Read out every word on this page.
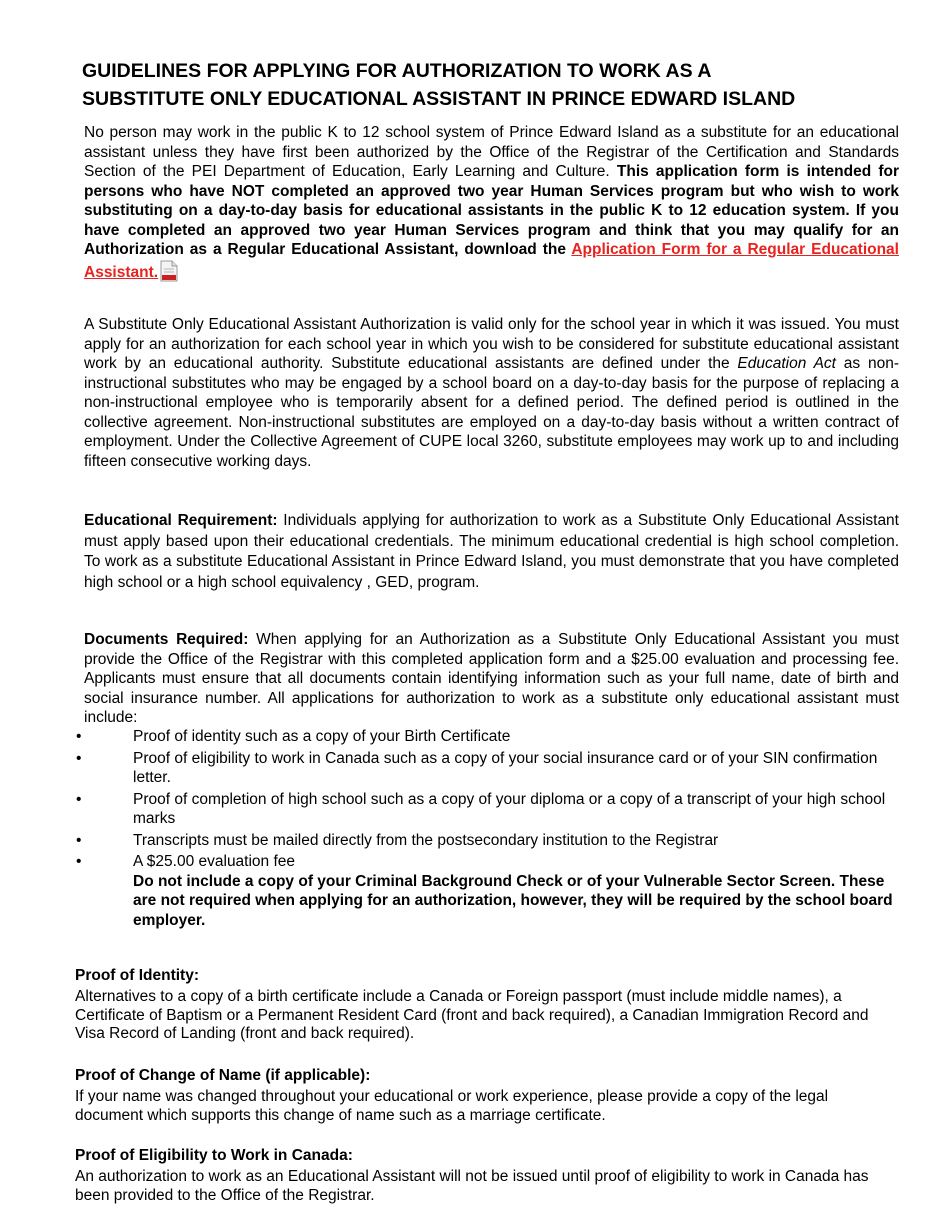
GUIDELINES FOR APPLYING FOR AUTHORIZATION TO WORK AS A
SUBSTITUTE ONLY EDUCATIONAL ASSISTANT IN PRINCE EDWARD ISLAND

No person may work in the public K to 12 school system of Prince Edward Island as a substitute for an educational assistant unless they have first been authorized by the Office of the Registrar of the Certification and Standards Section of the PEI Department of Education, Early Learning and Culture. This application form is intended for persons who have NOT completed an approved two year Human Services program but who wish to work substituting on a day-to-day basis for educational assistants in the public K to 12 education system. If you have completed an approved two year Human Services program and think that you may qualify for an Authorization as a Regular Educational Assistant, download the Application Form for a Regular Educational Assistant.

A Substitute Only Educational Assistant Authorization is valid only for the school year in which it was issued. You must apply for an authorization for each school year in which you wish to be considered for substitute educational assistant work by an educational authority. Substitute educational assistants are defined under the Education Act as non-instructional substitutes who may be engaged by a school board on a day-to-day basis for the purpose of replacing a non-instructional employee who is temporarily absent for a defined period. The defined period is outlined in the collective agreement. Non-instructional substitutes are employed on a day-to-day basis without a written contract of employment. Under the Collective Agreement of CUPE local 3260, substitute employees may work up to and including fifteen consecutive working days.

Educational Requirement: Individuals applying for authorization to work as a Substitute Only Educational Assistant must apply based upon their educational credentials. The minimum educational credential is high school completion. To work as a substitute Educational Assistant in Prince Edward Island, you must demonstrate that you have completed high school or a high school equivalency , GED, program.

Documents Required: When applying for an Authorization as a Substitute Only Educational Assistant you must provide the Office of the Registrar with this completed application form and a $25.00 evaluation and processing fee. Applicants must ensure that all documents contain identifying information such as your full name, date of birth and social insurance number. All applications for authorization to work as a substitute only educational assistant must include:

•	Proof of identity such as a copy of your Birth Certificate
•	Proof of eligibility to work in Canada such as a copy of your social insurance card or of your SIN confirmation letter.
•	Proof of completion of high school such as a copy of your diploma or a copy of a transcript of your high school marks
•	Transcripts must be mailed directly from the postsecondary institution to the Registrar
•	A $25.00 evaluation fee
Do not include a copy of your Criminal Background Check or of your Vulnerable Sector Screen. These are not required when applying for an authorization, however, they will be required by the school board employer.
Proof of Identity:

Alternatives to a copy of a birth certificate include a Canada or Foreign passport (must include middle names), a Certificate of Baptism or a Permanent Resident Card (front and back required), a Canadian Immigration Record and Visa Record of Landing (front and back required).

Proof of Change of Name (if applicable):

If your name was changed throughout your educational or work experience, please provide a copy of the legal document which supports this change of name such as a marriage certificate.

Proof of Eligibility to Work in Canada:

An authorization to work as an Educational Assistant will not be issued until proof of eligibility to work in Canada has been provided to the Office of the Registrar.
